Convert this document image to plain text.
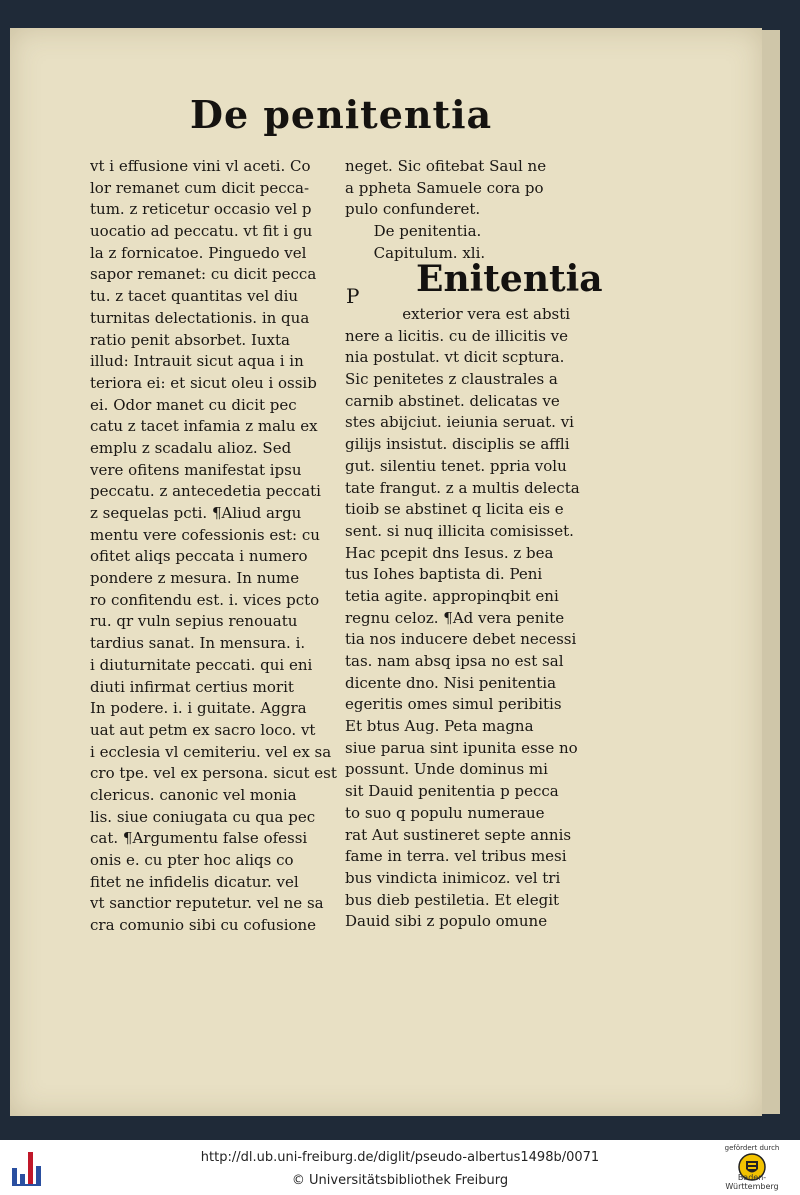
De penitentia
vt i effusione vini vl aceti. Co
lor remanet cum dicit pecca-
tum. z reticetur occasio vel p
uocatio ad peccatu. vt fit i gu
la z fornicatoe. Pinguedo vel
sapor remanet: cu dicit pecca
tu. z tacet quantitas vel diu
turnitas delectationis. in qua
ratio penit absorbet. Iuxta
illud: Intrauit sicut aqua i in
teriora ei: et sicut oleu i ossib
ei. Odor manet cu dicit pec
catu z tacet infamia z malu ex
emplu z scadalu alioz. Sed
vere ofitens manifestat ipsu
peccatu. z antecedetia peccati
z sequelas pcti. ¶Aliud argu
mentu vere cofessionis est: cu
ofitet aliqs peccata i numero
pondere z mesura. In nume
ro confitendu est. i. vices pcto
ru. qr vuln sepius renouatu
tardius sanat. In mensura. i.
i diuturnitate peccati. qui eni
diuti infirmat certius morit
In podere. i. i guitate. Aggra
uat aut petm ex sacro loco. vt
i ecclesia vl cemiteriu. vel ex sa
cro tpe. vel ex persona. sicut est
clericus. canonic vel monia
lis. siue coniugata cu qua pec
cat. ¶Argumentu false ofessi
onis e. cu pter hoc aliqs co
fitet ne infidelis dicatur. vel
vt sanctior reputetur. vel ne sa
cra comunio sibi cu cofusione
neget. Sic ofitebat Saul ne
a ppheta Samuele cora po
pulo confunderet.
De penitentia.
Capitulum. xli.
Enitentia
P
exterior vera est absti
nere a licitis. cu de illicitis ve
nia postulat. vt dicit scptura.
Sic penitetes z claustrales a
carnib abstinet. delicatas ve
stes abijciut. ieiunia seruat. vi
gilijs insistut. disciplis se affli
gut. silentiu tenet. ppria volu
tate frangut. z a multis delecta
tioib se abstinet q licita eis e
sent. si nuq illicita comisisset.
Hac pcepit dns Iesus. z bea
tus Iohes baptista di. Peni
tetia agite. appropinqbit eni
regnu celoz. ¶Ad vera penite
tia nos inducere debet necessi
tas. nam absq ipsa no est sal
dicente dno. Nisi penitentia
egeritis omes simul peribitis
Et btus Aug. Peta magna
siue parua sint ipunita esse no
possunt. Unde dominus mi
sit Dauid penitentia p pecca
to suo q populu numeraue
rat Aut sustineret septe annis
fame in terra. vel tribus mesi
bus vindicta inimicoz. vel tri
bus dieb pestiletia. Et elegit
Dauid sibi z populo omune
http://dl.ub.uni-freiburg.de/diglit/pseudo-albertus1498b/0071
© Universitätsbibliothek Freiburg
gefördert durch
Baden-Württemberg
